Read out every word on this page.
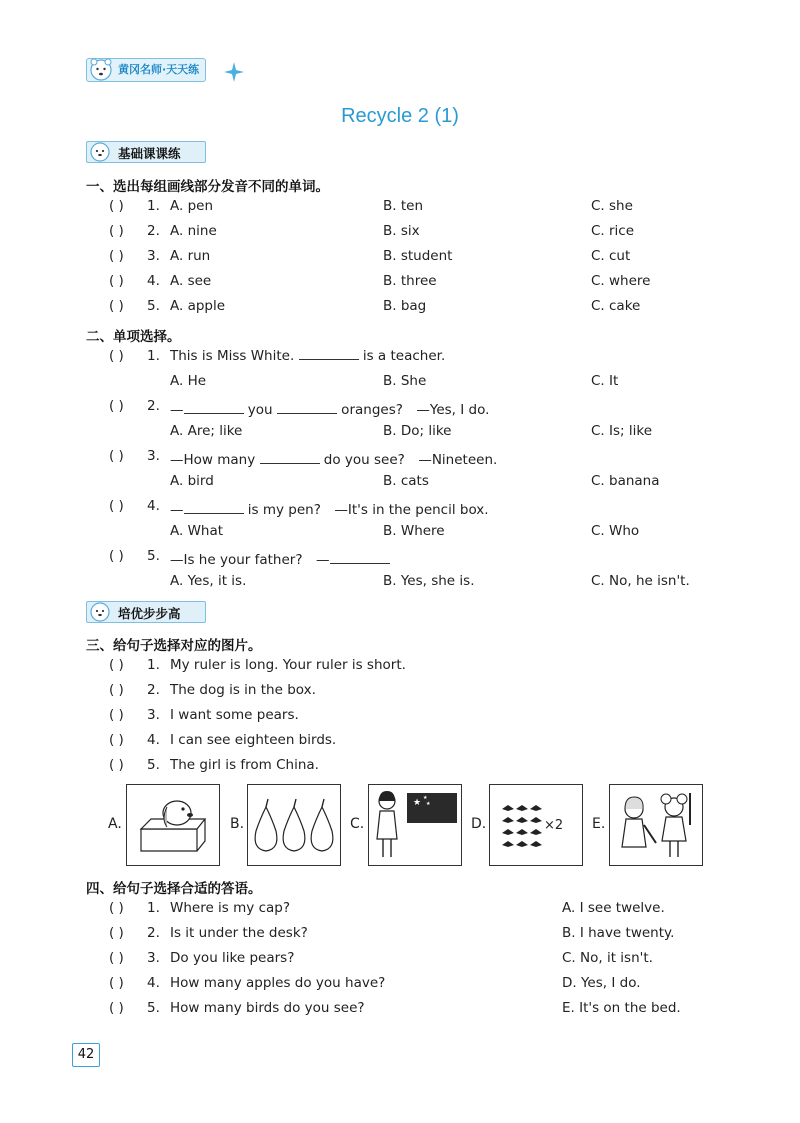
黄冈名师·天天练
Recycle 2 (1)
基础课课练
一、选出每组画线部分发音不同的单词。
( ) 1. A. pen	B. ten	C. she
( ) 2. A. nine	B. six	C. rice
( ) 3. A. run	B. student	C. cut
( ) 4. A. see	B. three	C. where
( ) 5. A. apple	B. bag	C. cake
二、单项选择。
( ) 1. This is Miss White.	is a teacher.
A. He	B. She	C. It
( ) 2. —	you	oranges?　—Yes, I do.
A. Are; like	B. Do; like	C. Is; like
( ) 3. —How many	do you see?　—Nineteen.
A. bird	B. cats	C. banana
( ) 4. —	is my pen?　—It's in the pencil box.
A. What	B. Where	C. Who
( ) 5. —Is he your father?　—
A. Yes, it is.	B. Yes, she is.	C. No, he isn't.
培优步步高
三、给句子选择对应的图片。
( ) 1. My ruler is long. Your ruler is short.
( ) 2. The dog is in the box.
( ) 3. I want some pears.
( ) 4. I can see eighteen birds.
( ) 5. The girl is from China.
A.	B.	C.
★ ★
★
D.	×2 E.
四、给句子选择合适的答语。
( ) 1. Where is my cap?	A. I see twelve.
( ) 2. Is it under the desk?	B. I have twenty.
( ) 3. Do you like pears?	C. No, it isn't.
( ) 4. How many apples do you have?	D. Yes, I do.
( ) 5. How many birds do you see?	E. It's on the bed.
42
